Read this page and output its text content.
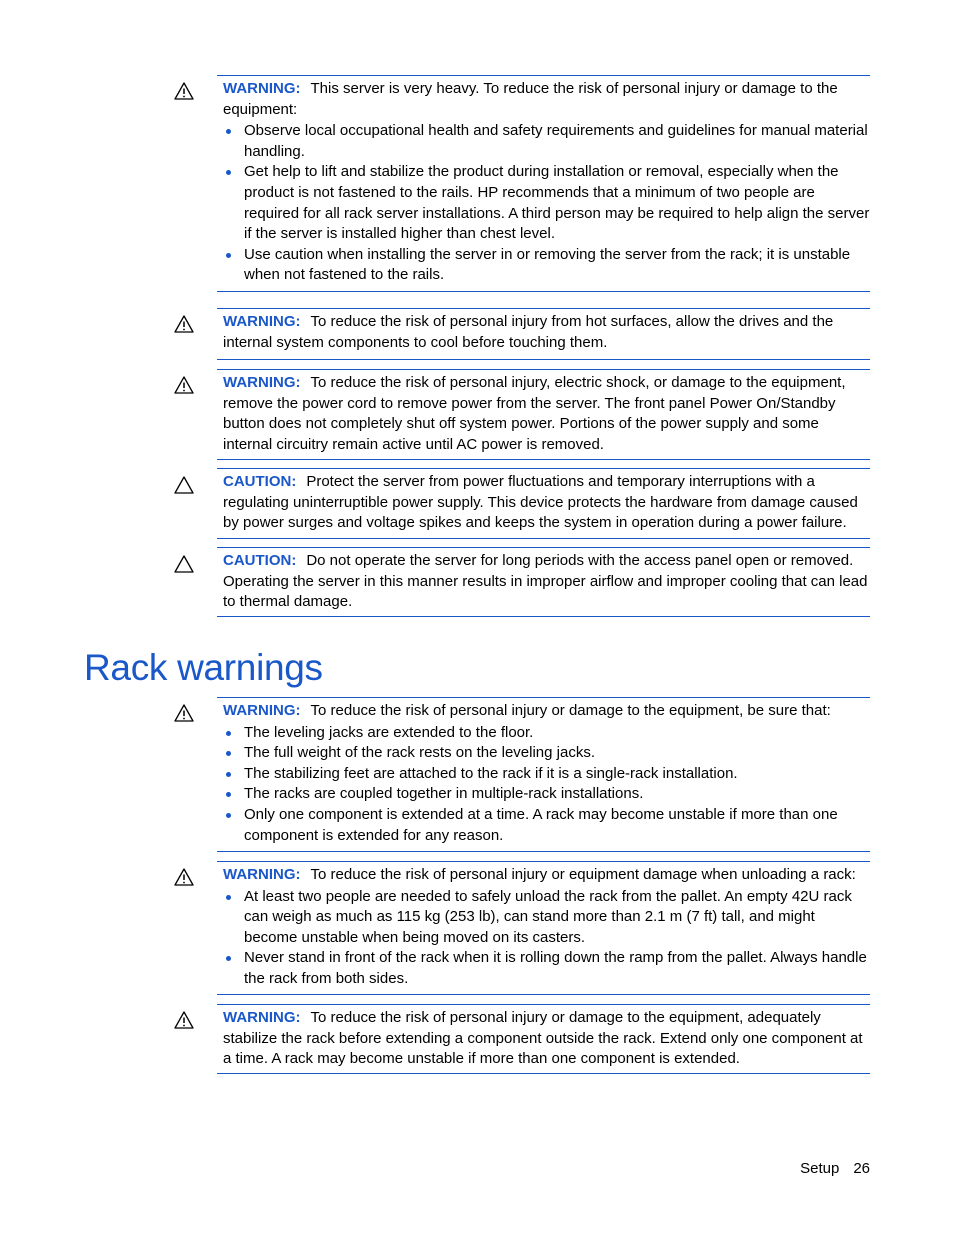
WARNING: This server is very heavy. To reduce the risk of personal injury or damage to the equipment:

Observe local occupational health and safety requirements and guidelines for manual material handling.
Get help to lift and stabilize the product during installation or removal, especially when the product is not fastened to the rails. HP recommends that a minimum of two people are required for all rack server installations. A third person may be required to help align the server if the server is installed higher than chest level.
Use caution when installing the server in or removing the server from the rack; it is unstable when not fastened to the rails.

WARNING: To reduce the risk of personal injury from hot surfaces, allow the drives and the internal system components to cool before touching them.

WARNING: To reduce the risk of personal injury, electric shock, or damage to the equipment, remove the power cord to remove power from the server. The front panel Power On/Standby button does not completely shut off system power. Portions of the power supply and some internal circuitry remain active until AC power is removed.

CAUTION: Protect the server from power fluctuations and temporary interruptions with a regulating uninterruptible power supply. This device protects the hardware from damage caused by power surges and voltage spikes and keeps the system in operation during a power failure.

CAUTION: Do not operate the server for long periods with the access panel open or removed. Operating the server in this manner results in improper airflow and improper cooling that can lead to thermal damage.

Rack warnings

WARNING: To reduce the risk of personal injury or damage to the equipment, be sure that:

The leveling jacks are extended to the floor.
The full weight of the rack rests on the leveling jacks.
The stabilizing feet are attached to the rack if it is a single-rack installation.
The racks are coupled together in multiple-rack installations.
Only one component is extended at a time. A rack may become unstable if more than one component is extended for any reason.

WARNING: To reduce the risk of personal injury or equipment damage when unloading a rack:

At least two people are needed to safely unload the rack from the pallet. An empty 42U rack can weigh as much as 115 kg (253 lb), can stand more than 2.1 m (7 ft) tall, and might become unstable when being moved on its casters.
Never stand in front of the rack when it is rolling down the ramp from the pallet. Always handle the rack from both sides.

WARNING: To reduce the risk of personal injury or damage to the equipment, adequately stabilize the rack before extending a component outside the rack. Extend only one component at a time. A rack may become unstable if more than one component is extended.

Setup 26
